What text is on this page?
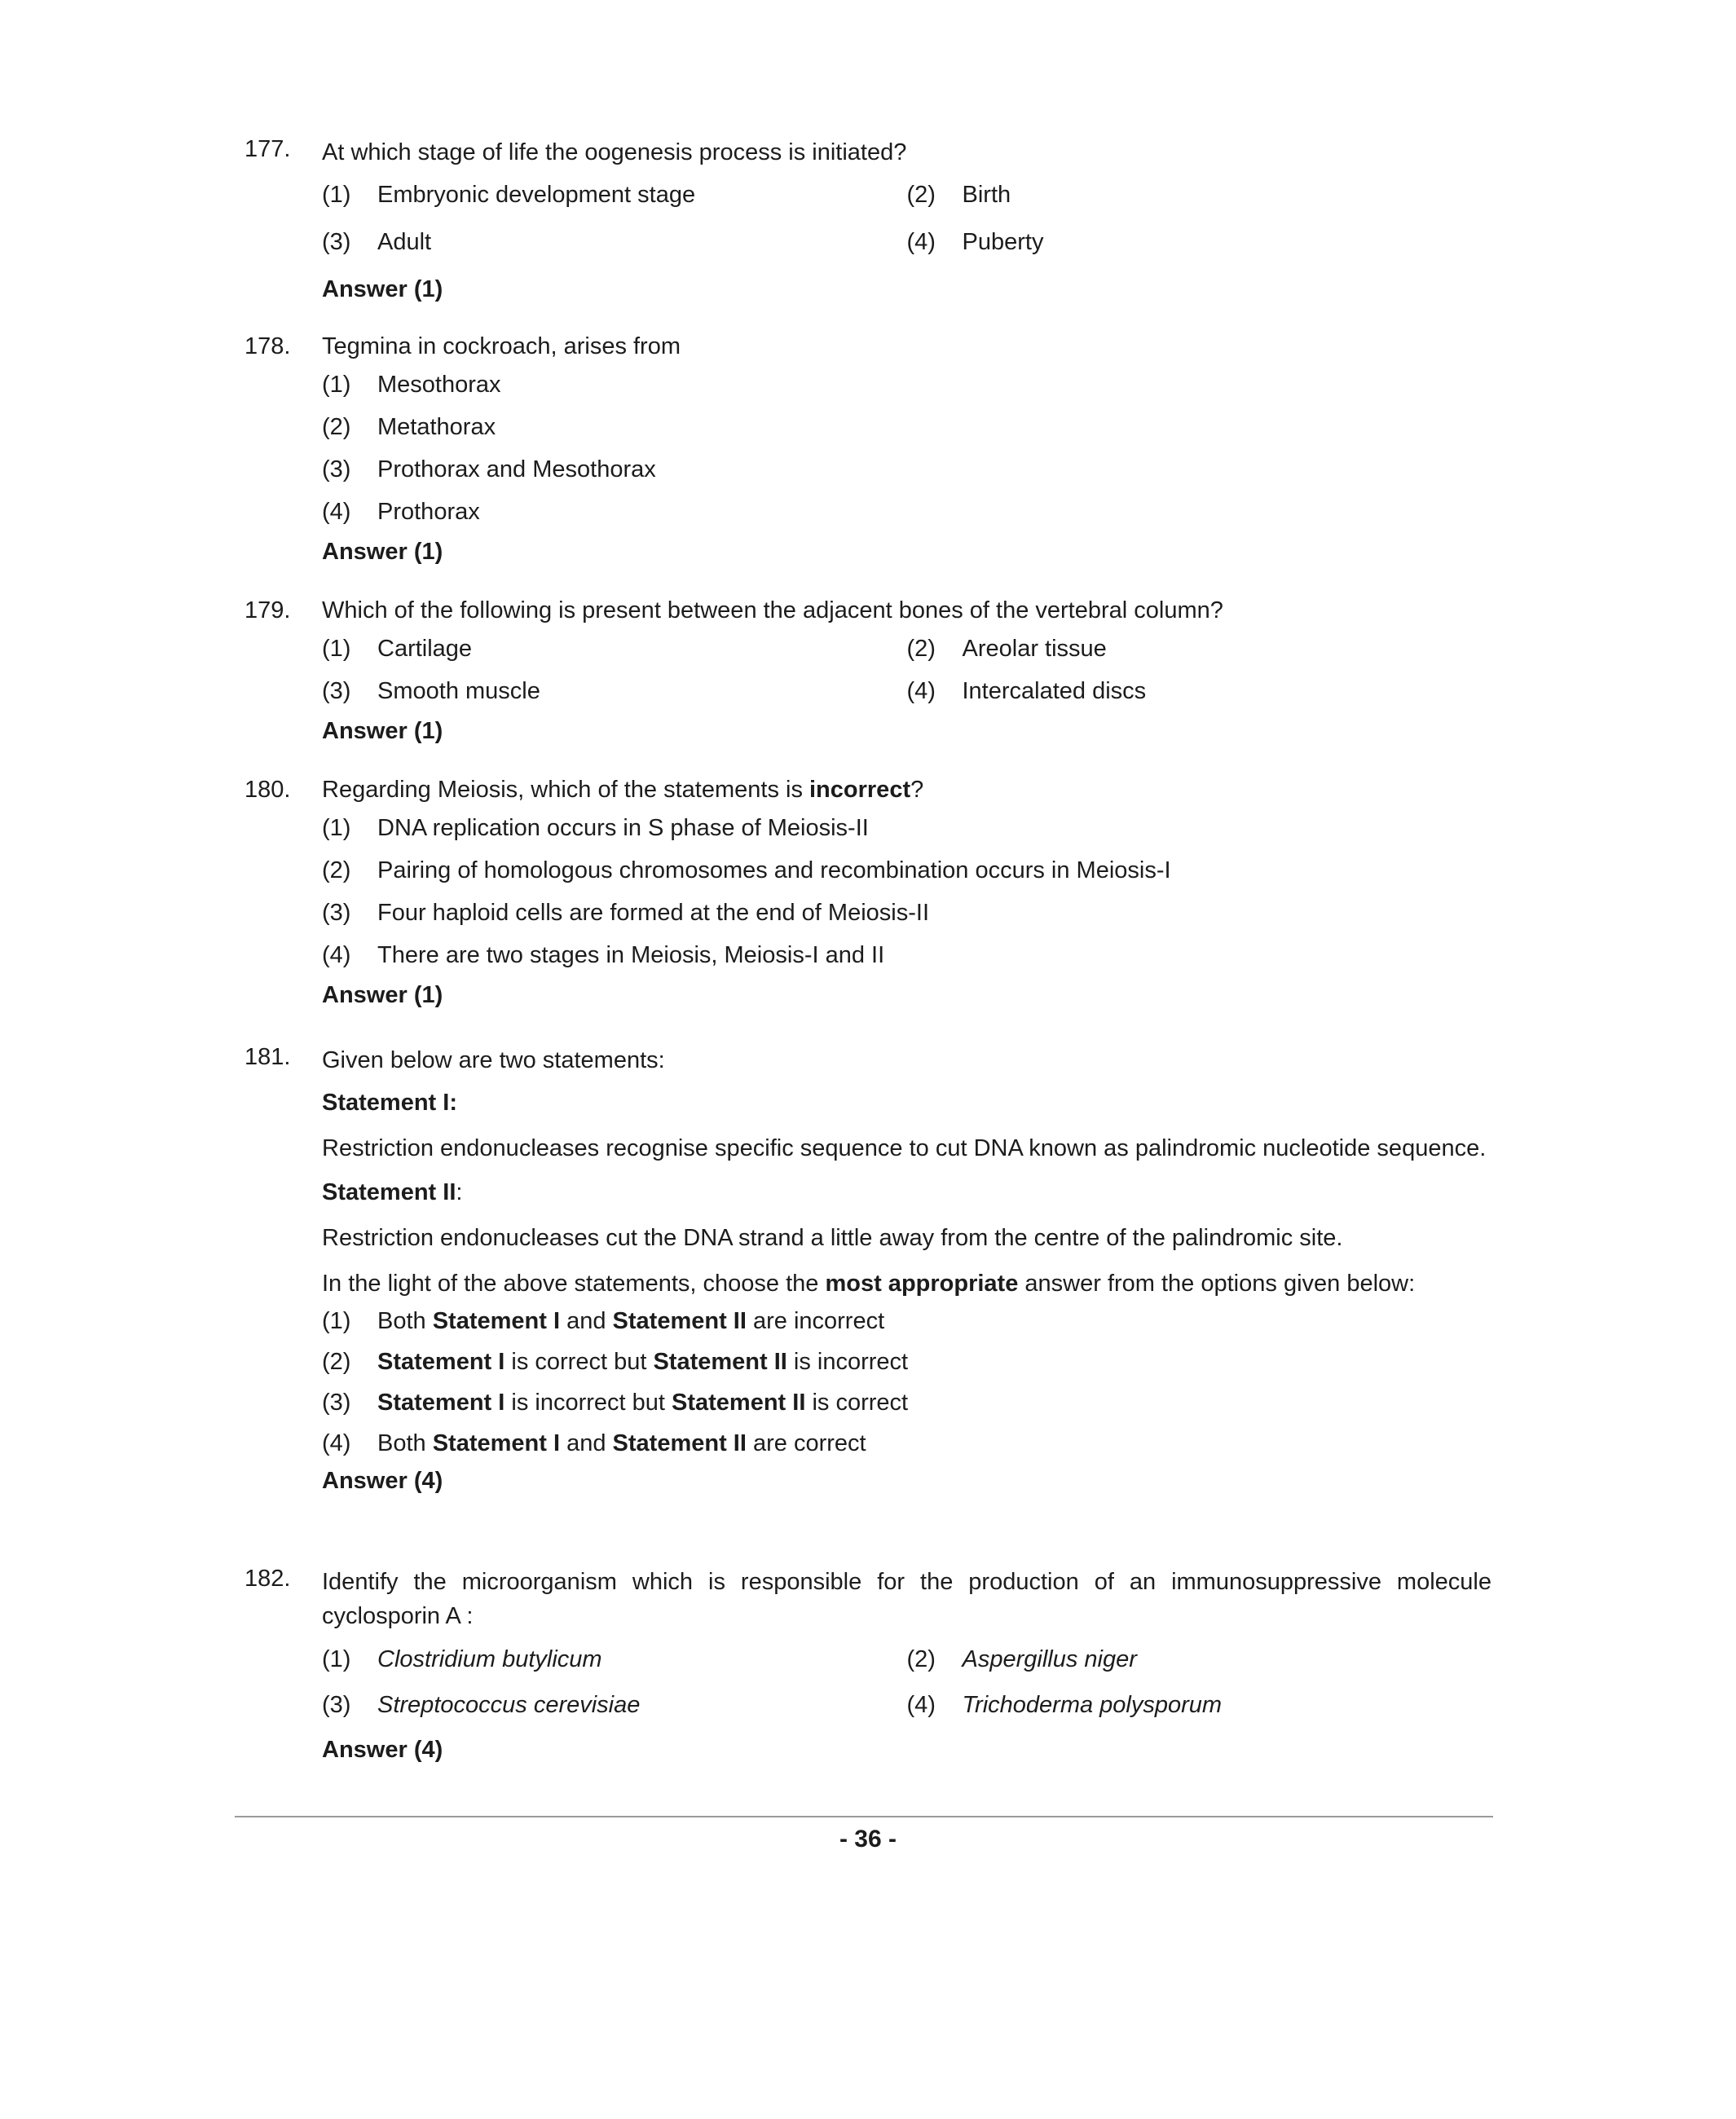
177.	At which stage of life the oogenesis process is initiated?
(1)	Embryonic development stage	(2)	Birth
(3)	Adult	(4)	Puberty
Answer (1)
178.	Tegmina in cockroach, arises from
(1)	Mesothorax
(2)	Metathorax
(3)	Prothorax and Mesothorax
(4)	Prothorax
Answer (1)
179.	Which of the following is present between the adjacent bones of the vertebral column?
(1)	Cartilage	(2)	Areolar tissue
(3)	Smooth muscle	(4)	Intercalated discs
Answer (1)
180.	Regarding Meiosis, which of the statements is incorrect?
(1)	DNA replication occurs in S phase of Meiosis-II
(2)	Pairing of homologous chromosomes and recombination occurs in Meiosis-I
(3)	Four haploid cells are formed at the end of Meiosis-II
(4)	There are two stages in Meiosis, Meiosis-I and II
Answer (1)
181.	Given below are two statements:
Statement I:
Restriction endonucleases recognise specific sequence to cut DNA known as palindromic nucleotide sequence.
Statement II:
Restriction endonucleases cut the DNA strand a little away from the centre of the palindromic site.
In the light of the above statements, choose the most appropriate answer from the options given below:
(1)	Both Statement I and Statement II are incorrect
(2)	Statement I is correct but Statement II is incorrect
(3)	Statement I is incorrect but Statement II is correct
(4)	Both Statement I and Statement II are correct
Answer (4)
182.	Identify the microorganism which is responsible for the production of an immunosuppressive molecule cyclosporin A :
(1)	Clostridium butylicum	(2)	Aspergillus niger
(3)	Streptococcus cerevisiae	(4)	Trichoderma polysporum
Answer (4)
- 36 -
